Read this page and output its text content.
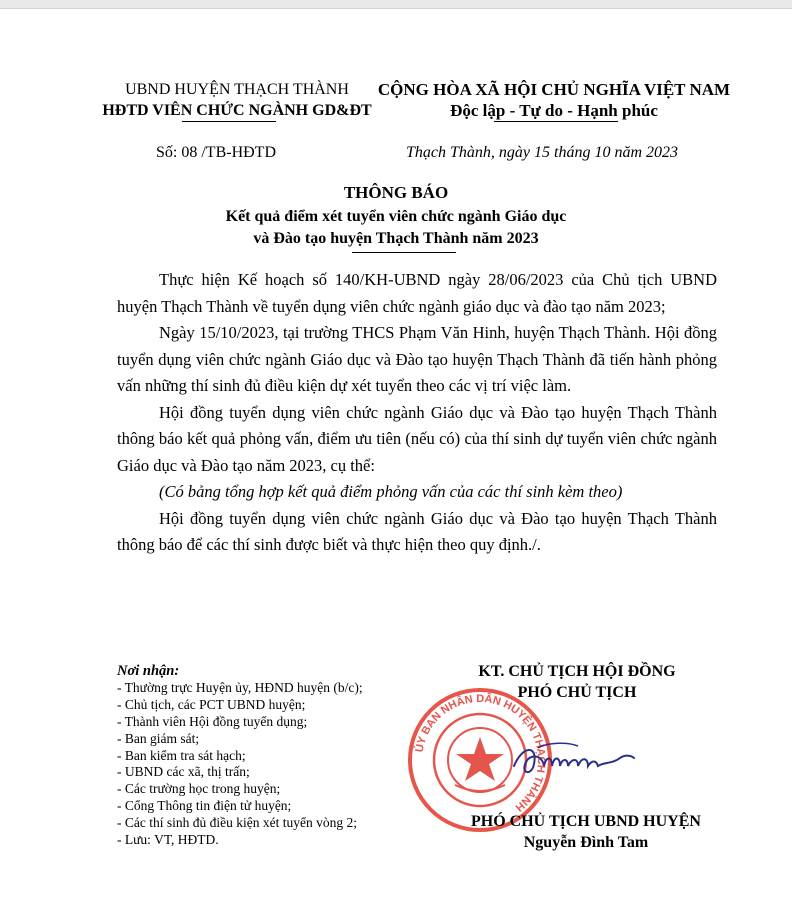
UBND HUYỆN THẠCH THÀNH
HĐTD VIÊN CHỨC NGÀNH GD&ĐT
CỘNG HÒA XÃ HỘI CHỦ NGHĨA VIỆT NAM
Độc lập - Tự do - Hạnh phúc
Số: 08 /TB-HĐTD	Thạch Thành, ngày 15 tháng 10 năm 2023
THÔNG BÁO
Kết quả điểm xét tuyển viên chức ngành Giáo dục
và Đào tạo huyện Thạch Thành năm 2023

Thực hiện Kế hoạch số 140/KH-UBND ngày 28/06/2023 của Chủ tịch UBND huyện Thạch Thành về tuyển dụng viên chức ngành giáo dục và đào tạo năm 2023;

Ngày 15/10/2023, tại trường THCS Phạm Văn Hinh, huyện Thạch Thành. Hội đồng tuyển dụng viên chức ngành Giáo dục và Đào tạo huyện Thạch Thành đã tiến hành phỏng vấn những thí sinh đủ điều kiện dự xét tuyển theo các vị trí việc làm.

Hội đồng tuyển dụng viên chức ngành Giáo dục và Đào tạo huyện Thạch Thành thông báo kết quả phỏng vấn, điểm ưu tiên (nếu có) của thí sinh dự tuyển viên chức ngành Giáo dục và Đào tạo năm 2023, cụ thể:

(Có bảng tổng hợp kết quả điểm phỏng vấn của các thí sinh kèm theo)

Hội đồng tuyển dụng viên chức ngành Giáo dục và Đào tạo huyện Thạch Thành thông báo để các thí sinh được biết và thực hiện theo quy định./.

Nơi nhận:
- Thường trực Huyện ủy, HĐND huyện (b/c);
- Chủ tịch, các PCT UBND huyện;
- Thành viên Hội đồng tuyển dụng;
- Ban giám sát;
- Ban kiểm tra sát hạch;
- UBND các xã, thị trấn;
- Các trường học trong huyện;
- Cổng Thông tin điện tử huyện;
- Các thí sinh đủ điều kiện xét tuyển vòng 2;
- Lưu: VT, HĐTD.
KT. CHỦ TỊCH HỘI ĐỒNG
PHÓ CHỦ TỊCH
ỦY BAN NHÂN DÂN HUYỆN THẠCH THÀNH
PHÓ CHỦ TỊCH UBND HUYỆN
Nguyễn Đình Tam
